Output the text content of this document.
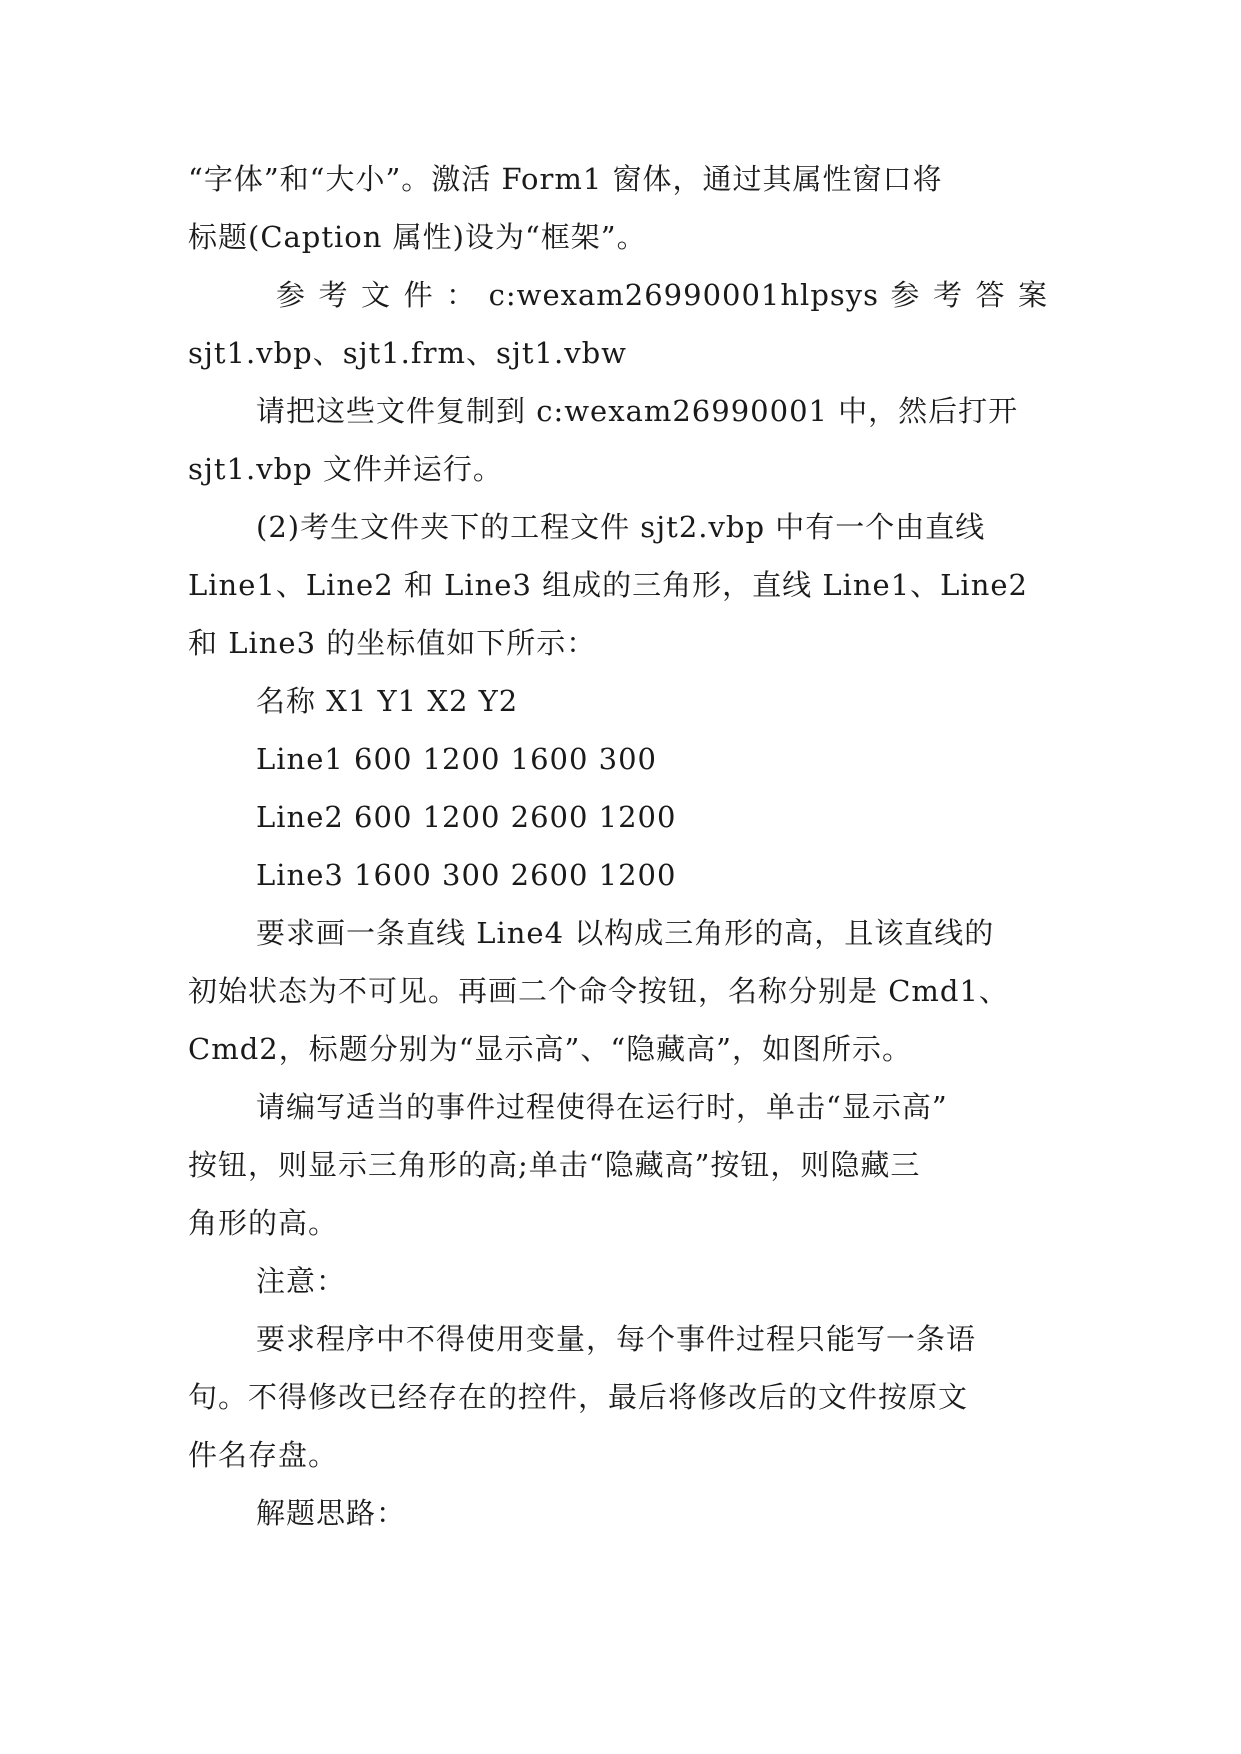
“字体”和“大小”。激活 Form1 窗体，通过其属性窗口将
标题(Caption 属性)设为“框架”。
参 考 文 件 ： c:wexam26990001hlpsys 参 考 答 案
sjt1.vbp、sjt1.frm、sjt1.vbw
请把这些文件复制到 c:wexam26990001 中，然后打开
sjt1.vbp 文件并运行。
(2)考生文件夹下的工程文件 sjt2.vbp 中有一个由直线
Line1、Line2 和 Line3 组成的三角形，直线 Line1、Line2
和 Line3 的坐标值如下所示：
名称 X1 Y1 X2 Y2
Line1 600 1200 1600 300
Line2 600 1200 2600 1200
Line3 1600 300 2600 1200
要求画一条直线 Line4 以构成三角形的高，且该直线的
初始状态为不可见。再画二个命令按钮，名称分别是 Cmd1、
Cmd2，标题分别为“显示高”、“隐藏高”，如图所示。
请编写适当的事件过程使得在运行时，单击“显示高”
按钮，则显示三角形的高;单击“隐藏高”按钮，则隐藏三
角形的高。
注意：
要求程序中不得使用变量，每个事件过程只能写一条语
句。不得修改已经存在的控件，最后将修改后的文件按原文
件名存盘。
解题思路：
